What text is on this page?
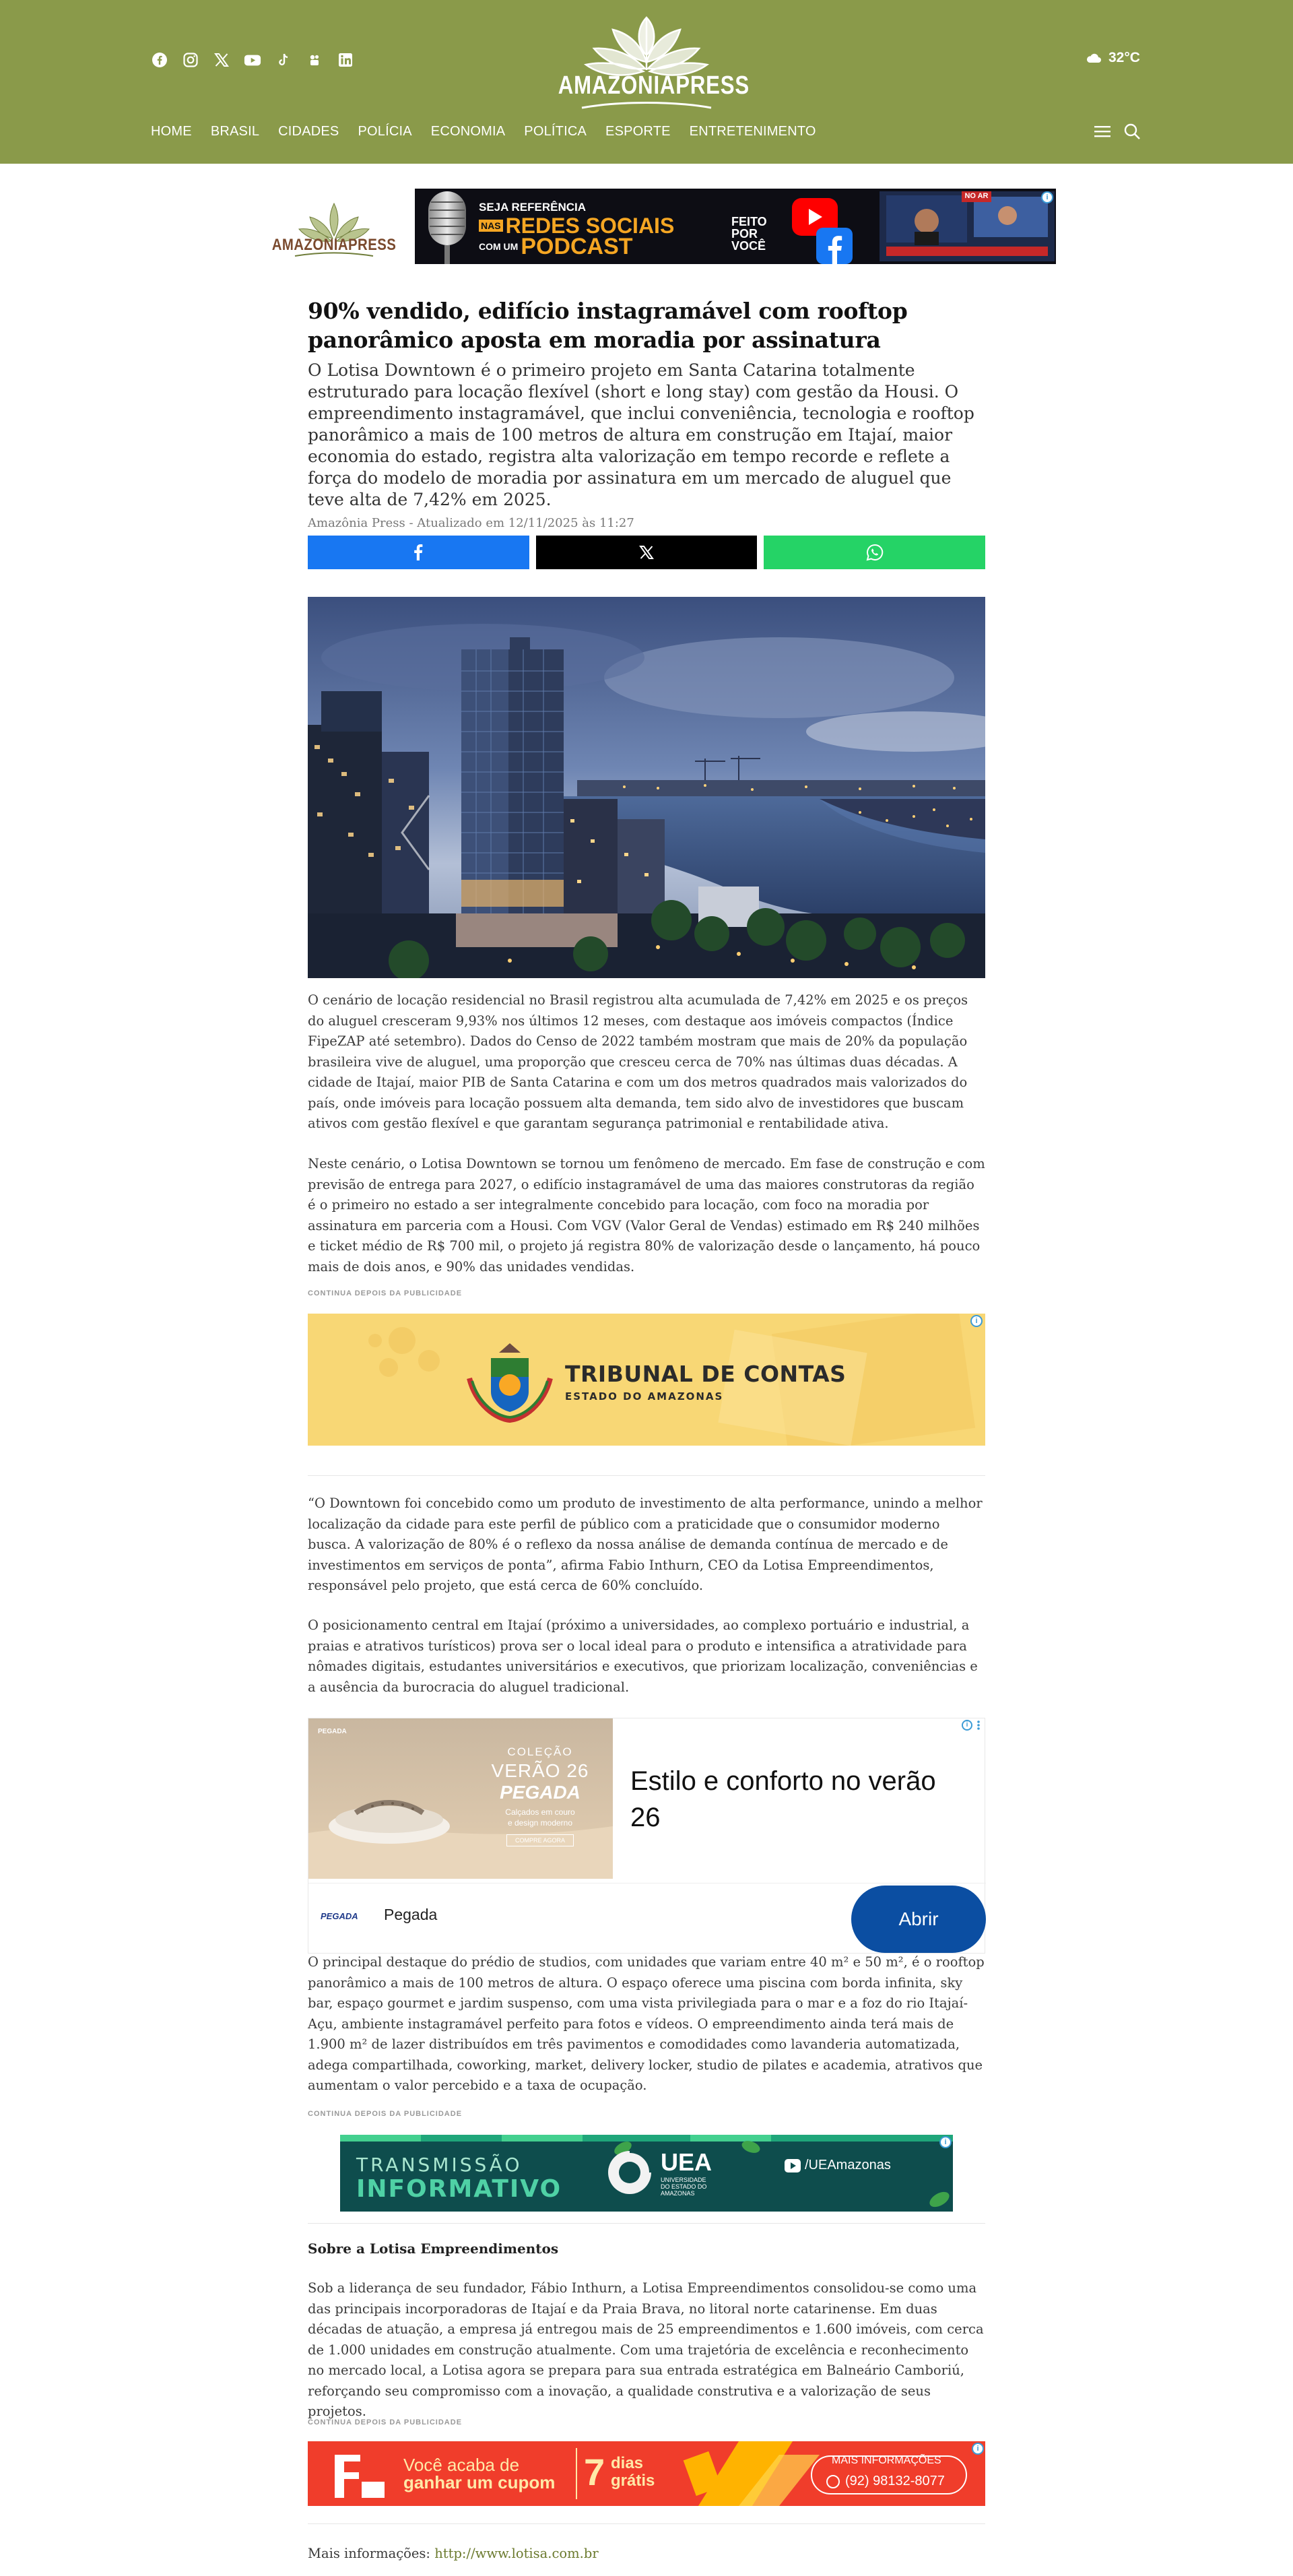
AMAZONIAPRESS
32°C
HOME BRASIL CIDADES POLÍCIA ECONOMIA POLÍTICA ESPORTE ENTRETENIMENTO
AMAZONIAPRESS
SEJA REFERÊNCIA
NAS REDES SOCIAIS
COM UM PODCAST
FEITO
POR
VOCÊ
NO AR	i
90% vendido, edifício instagramável com rooftop panorâmico aposta em moradia por assinatura

O Lotisa Downtown é o primeiro projeto em Santa Catarina totalmente estruturado para locação flexível (short e long stay) com gestão da Housi. O empreendimento instagramável, que inclui conveniência, tecnologia e rooftop panorâmico a mais de 100 metros de altura em construção em Itajaí, maior economia do estado, registra alta valorização em tempo recorde e reflete a força do modelo de moradia por assinatura em um mercado de aluguel que teve alta de 7,42% em 2025.

Amazônia Press - Atualizado em 12/11/2025 às 11:27

O cenário de locação residencial no Brasil registrou alta acumulada de 7,42% em 2025 e os preços do aluguel cresceram 9,93% nos últimos 12 meses, com destaque aos imóveis compactos (Índice FipeZAP até setembro). Dados do Censo de 2022 também mostram que mais de 20% da população brasileira vive de aluguel, uma proporção que cresceu cerca de 70% nas últimas duas décadas. A cidade de Itajaí, maior PIB de Santa Catarina e com um dos metros quadrados mais valorizados do país, onde imóveis para locação possuem alta demanda, tem sido alvo de investidores que buscam ativos com gestão flexível e que garantam segurança patrimonial e rentabilidade ativa.

Neste cenário, o Lotisa Downtown se tornou um fenômeno de mercado. Em fase de construção e com previsão de entrega para 2027, o edifício instagramável de uma das maiores construtoras da região é o primeiro no estado a ser integralmente concebido para locação, com foco na moradia por assinatura em parceria com a Housi. Com VGV (Valor Geral de Vendas) estimado em R$ 240 milhões e ticket médio de R$ 700 mil, o projeto já registra 80% de valorização desde o lançamento, há pouco mais de dois anos, e 90% das unidades vendidas.

CONTINUA DEPOIS DA PUBLICIDADE
TRIBUNAL DE CONTAS
ESTADO DO AMAZONAS
i

“O Downtown foi concebido como um produto de investimento de alta performance, unindo a melhor localização da cidade para este perfil de público com a praticidade que o consumidor moderno busca. A valorização de 80% é o reflexo da nossa análise de demanda contínua de mercado e de investimentos em serviços de ponta”, afirma Fabio Inthurn, CEO da Lotisa Empreendimentos, responsável pelo projeto, que está cerca de 60% concluído.

O posicionamento central em Itajaí (próximo a universidades, ao complexo portuário e industrial, a praias e atrativos turísticos) prova ser o local ideal para o produto e intensifica a atratividade para nômades digitais, estudantes universitários e executivos, que priorizam localização, conveniências e a ausência da burocracia do aluguel tradicional.

PEGADA
COLEÇÃO
VERÃO 26
PEGADA
Calçados em couro
e design moderno
COMPRE AGORA
Estilo e conforto no verão 26
PEGADA Pegada	Abrir
i

O principal destaque do prédio de studios, com unidades que variam entre 40 m² e 50 m², é o rooftop panorâmico a mais de 100 metros de altura. O espaço oferece uma piscina com borda infinita, sky bar, espaço gourmet e jardim suspenso, com uma vista privilegiada para o mar e a foz do rio Itajaí-Açu, ambiente instagramável perfeito para fotos e vídeos. O empreendimento ainda terá mais de 1.900 m² de lazer distribuídos em três pavimentos e comodidades como lavanderia automatizada, adega compartilhada, coworking, market, delivery locker, studio de pilates e academia, atrativos que aumentam o valor percebido e a taxa de ocupação.

CONTINUA DEPOIS DA PUBLICIDADE
TRANSMISSÃO
INFORMATIVO
UEA
UNIVERSIDADE
DO ESTADO DO
AMAZONAS
/UEAmazonas
i
Sobre a Lotisa Empreendimentos

Sob a liderança de seu fundador, Fábio Inthurn, a Lotisa Empreendimentos consolidou-se como uma das principais incorporadoras de Itajaí e da Praia Brava, no litoral norte catarinense. Em duas décadas de atuação, a empresa já entregou mais de 25 empreendimentos e 1.600 imóveis, com cerca de 1.000 unidades em construção atualmente. Com uma trajetória de excelência e reconhecimento no mercado local, a Lotisa agora se prepara para sua entrada estratégica em Balneário Camboriú, reforçando seu compromisso com a inovação, a qualidade construtiva e a valorização de seus projetos.

CONTINUA DEPOIS DA PUBLICIDADE
Você acaba de
ganhar um cupom 7 dias
grátis
MAIS INFORMAÇÕES
(92) 98132-8077
i
Mais informações: http://www.lotisa.com.br
